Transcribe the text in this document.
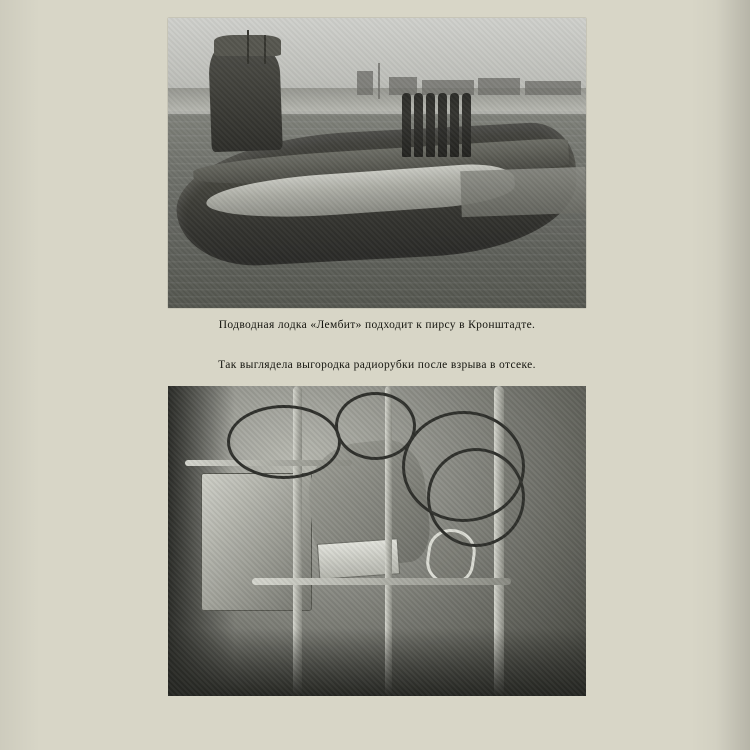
Подводная лодка «Лембит» подходит к пирсу в Кронштадте.
Так выглядела выгородка радиорубки после взрыва в отсеке.
